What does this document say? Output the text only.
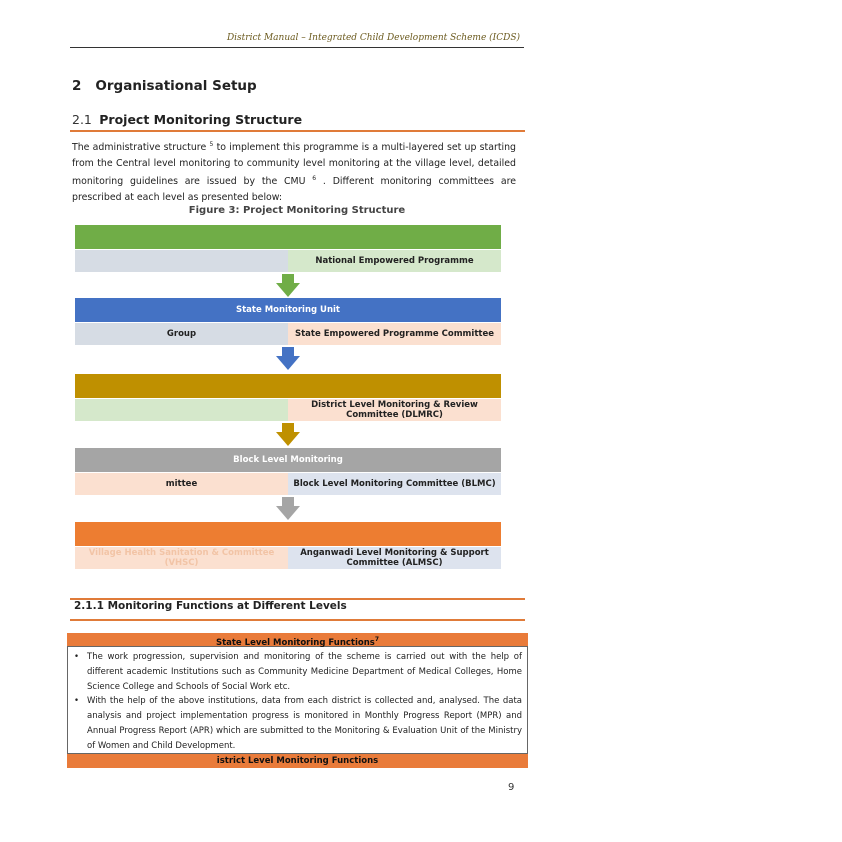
District Manual – Integrated Child Development Scheme (ICDS)
2 Organisational Setup
2.1 Project Monitoring Structure
The administrative structure $^5$ to implement this programme is a multi-layered set up starting from the Central level monitoring to community level monitoring at the village level, detailed monitoring guidelines are issued by the CMU $^6$ . Different monitoring committees are prescribed at each level as presented below:
Figure 3: Project Monitoring Structure
National Empowered Programme
State Monitoring Unit
Group	State Empowered Programme Committee
District Level Monitoring & Review Committee (DLMRC)
Block Level Monitoring
mittee	Block Level Monitoring Committee (BLMC)
Village Health Sanitation & Committee (VHSC)
Anganwadi Level Monitoring & Support Committee (ALMSC)
2.1.1 Monitoring Functions at Different Levels
State Level Monitoring Functions$^7$
• The work progression, supervision and monitoring of the scheme is carried out with the help of different academic Institutions such as Community Medicine Department of Medical Colleges, Home Science College and Schools of Social Work etc.
• With the help of the above institutions, data from each district is collected and, analysed. The data analysis and project implementation progress is monitored in Monthly Progress Report (MPR) and Annual Progress Report (APR) which are submitted to the Monitoring & Evaluation Unit of the Ministry of Women and Child Development.
istrict Level Monitoring Functions
9
